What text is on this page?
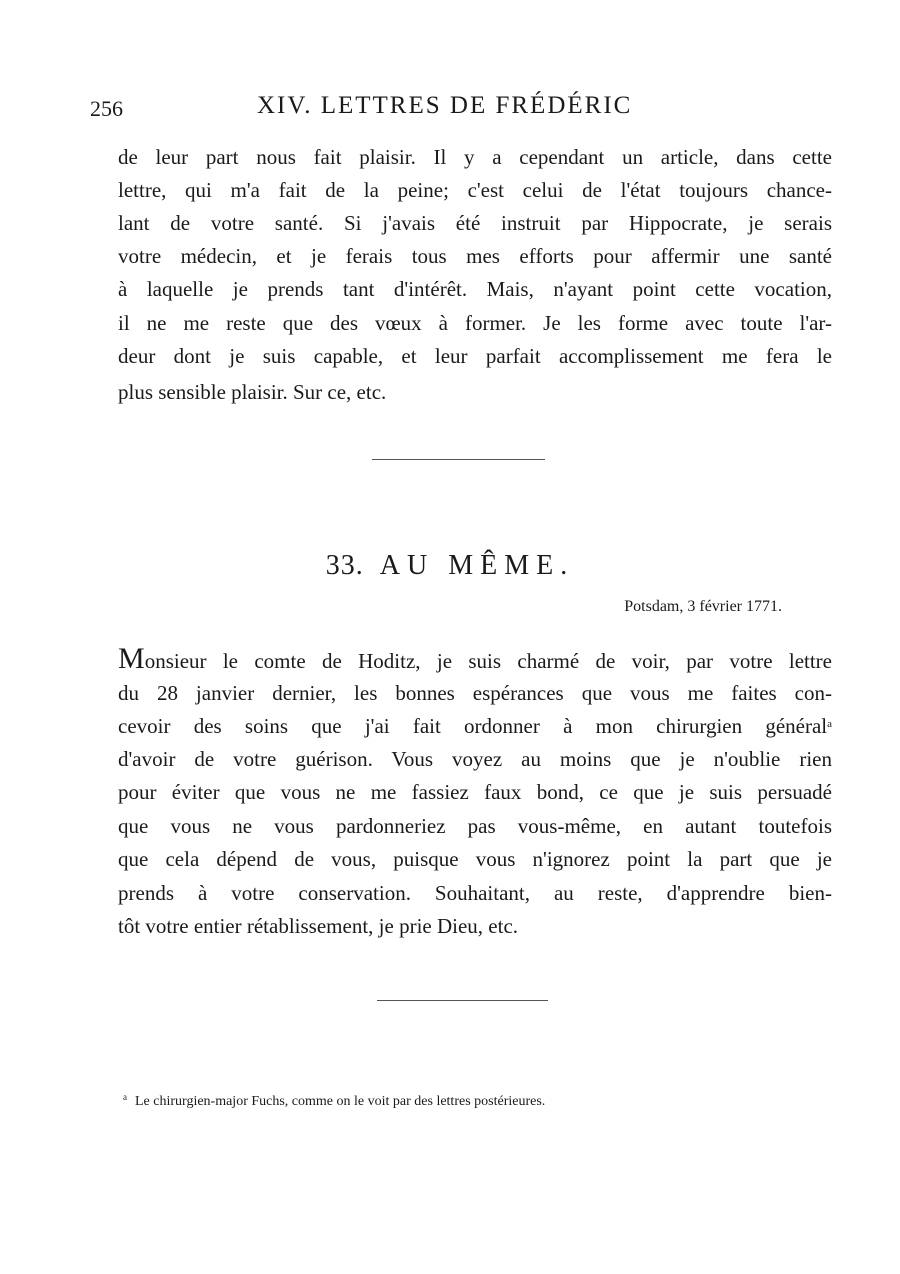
256	XIV. LETTRES DE FRÉDÉRIC
de leur part nous fait plaisir. Il y a cependant un article, dans cette
lettre, qui m'a fait de la peine; c'est celui de l'état toujours chance-
lant de votre santé. Si j'avais été instruit par Hippocrate, je serais
votre médecin, et je ferais tous mes efforts pour affermir une santé
à laquelle je prends tant d'intérêt. Mais, n'ayant point cette vocation,
il ne me reste que des vœux à former. Je les forme avec toute l'ar-
deur dont je suis capable, et leur parfait accomplissement me fera le
plus sensible plaisir. Sur ce, etc.
33. AU MÊME.
Potsdam, 3 février 1771.
Monsieur le comte de Hoditz, je suis charmé de voir, par votre lettre
du 28 janvier dernier, les bonnes espérances que vous me faites con-
cevoir des soins que j'ai fait ordonner à mon chirurgien général$^a$
d'avoir de votre guérison. Vous voyez au moins que je n'oublie rien
pour éviter que vous ne me fassiez faux bond, ce que je suis persuadé
que vous ne vous pardonneriez pas vous-même, en autant toutefois
que cela dépend de vous, puisque vous n'ignorez point la part que je
prends à votre conservation. Souhaitant, au reste, d'apprendre bien-
tôt votre entier rétablissement, je prie Dieu, etc.
$^a$ Le chirurgien-major Fuchs, comme on le voit par des lettres postérieures.
